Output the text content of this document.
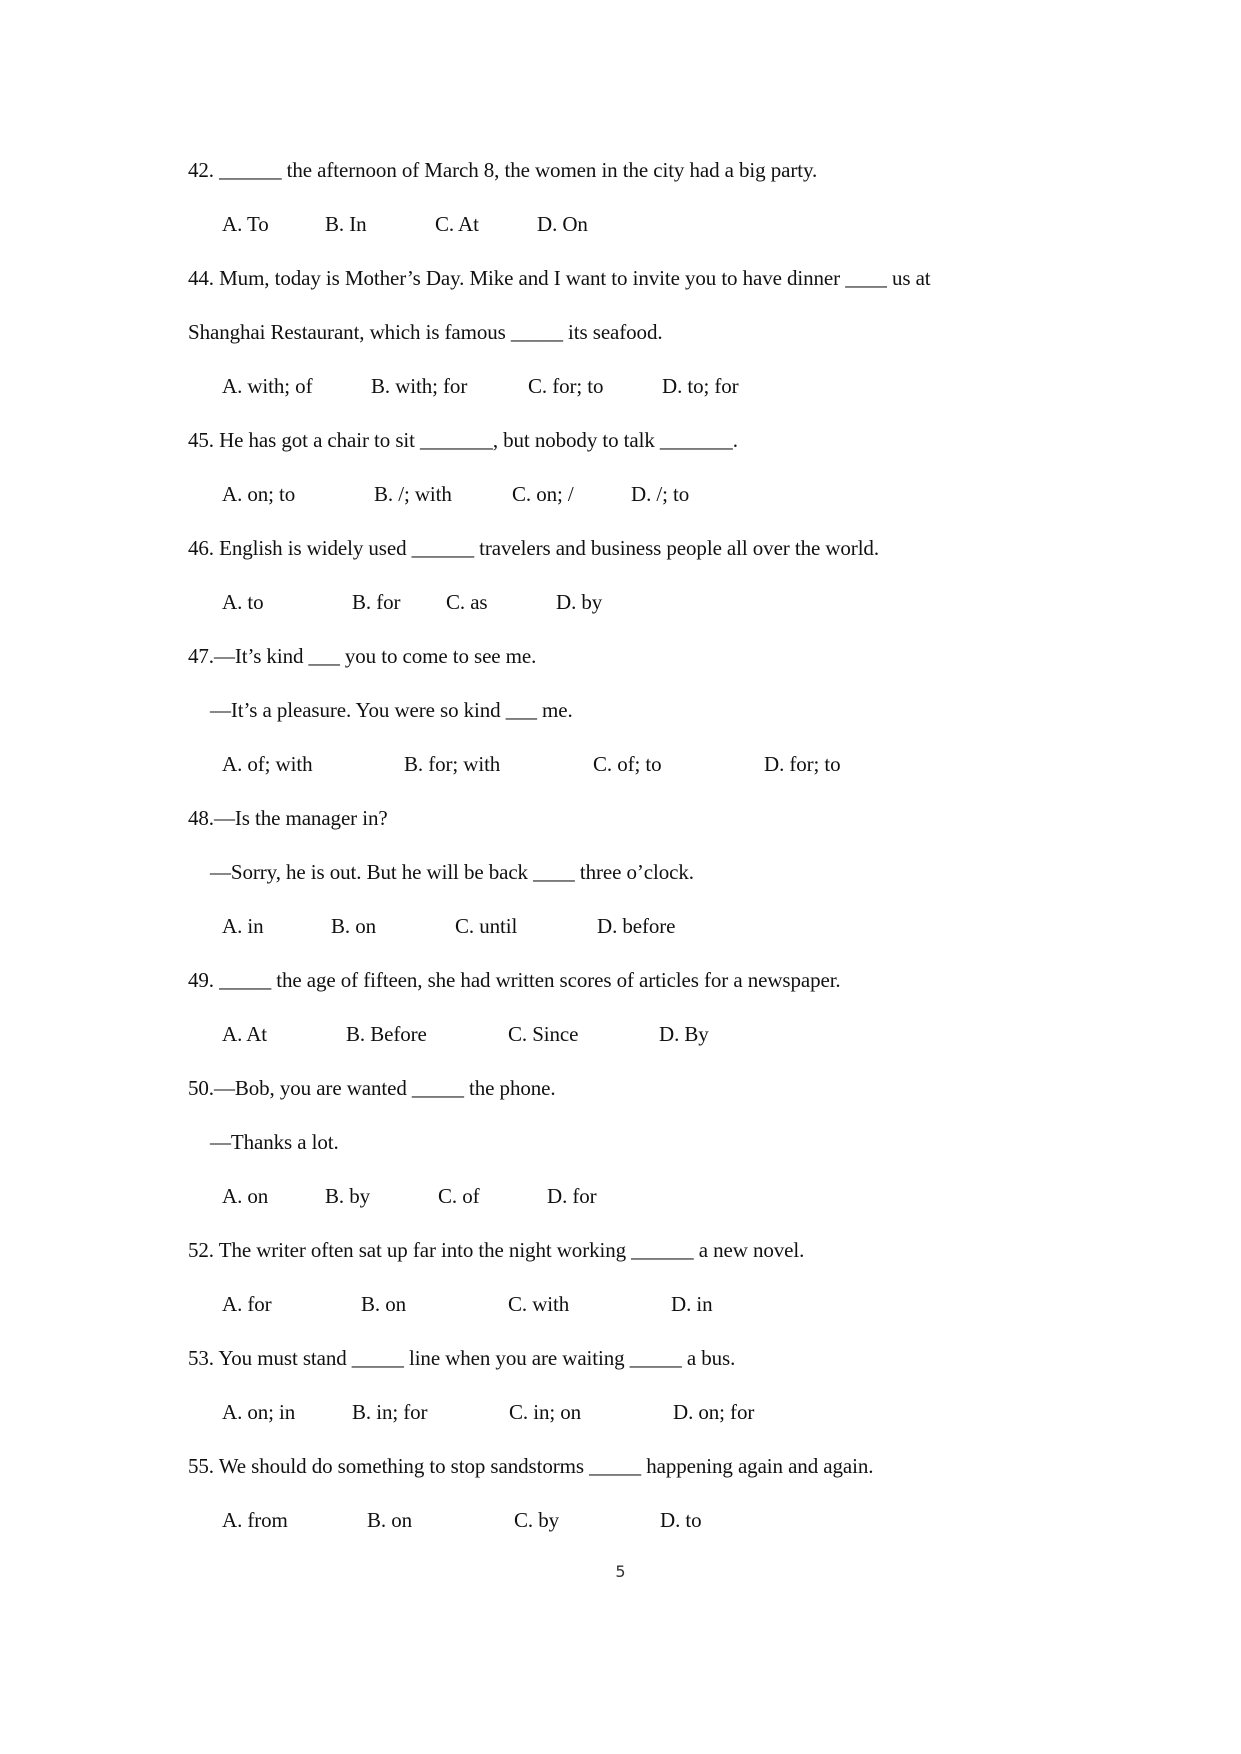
42. ______ the afternoon of March 8, the women in the city had a big party.
A. To	B. In	C. At	D. On
44. Mum, today is Mother’s Day. Mike and I want to invite you to have dinner ____ us at
Shanghai Restaurant, which is famous _____ its seafood.
A. with; of	B. with; for	C. for; to	D. to; for
45. He has got a chair to sit _______, but nobody to talk _______.
A. on; to	B. /; with	C. on; /	D. /; to
46. English is widely used ______ travelers and business people all over the world.
A. to	B. for C. as	D. by
47.—It’s kind ___ you to come to see me.
—It’s a pleasure. You were so kind ___ me.
A. of; with	B. for; with	C. of; to	D. for; to
48.—Is the manager in?
—Sorry, he is out. But he will be back ____ three o’clock.
A. in	B. on	C. until	D. before
49. _____ the age of fifteen, she had written scores of articles for a newspaper.
A. At	B. Before	C. Since	D. By
50.—Bob, you are wanted _____ the phone.
—Thanks a lot.
A. on	B. by	C. of	D. for
52. The writer often sat up far into the night working ______ a new novel.
A. for	B. on	C. with	D. in
53. You must stand _____ line when you are waiting _____ a bus.
A. on; in	B. in; for	C. in; on	D. on; for
55. We should do something to stop sandstorms _____ happening again and again.
A. from	B. on	C. by	D. to
5
